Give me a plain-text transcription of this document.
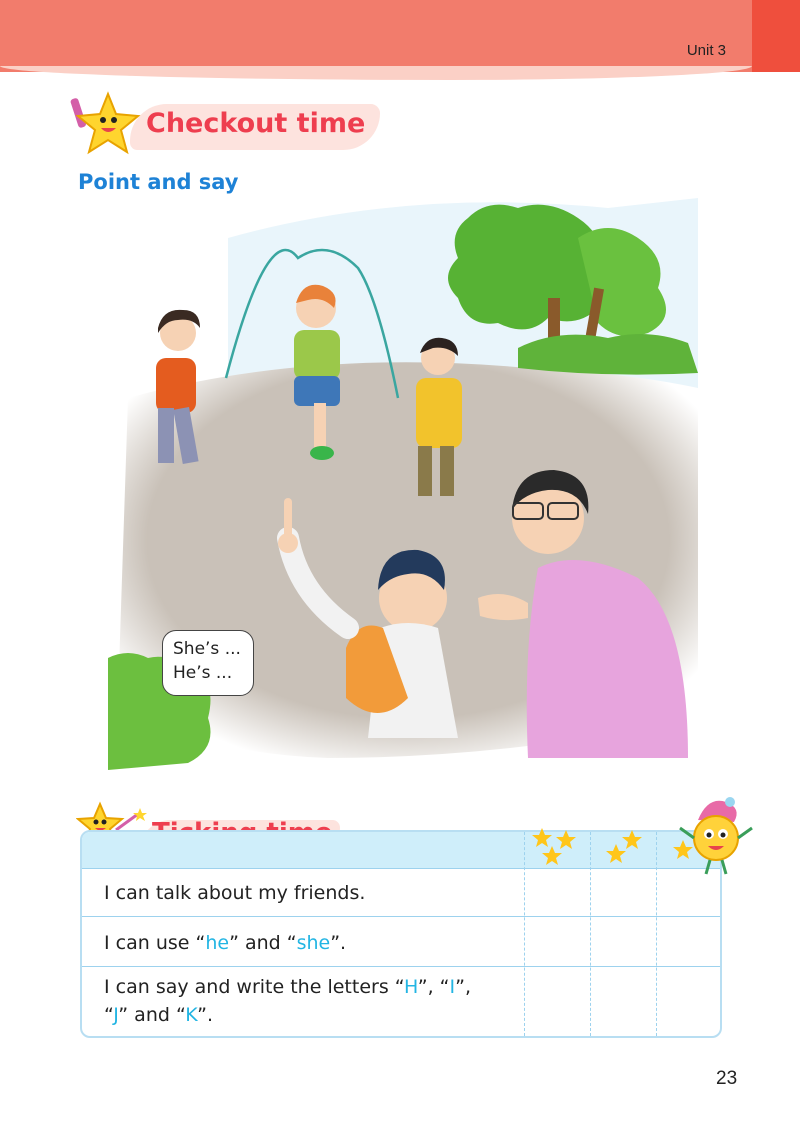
Unit 3
Checkout time
Point and say
She’s ...
He’s ...
I can talk about my friends.
I can use “he” and “she”.
I can say and write the letters “H”, “I”,
“J” and “K”.
23
